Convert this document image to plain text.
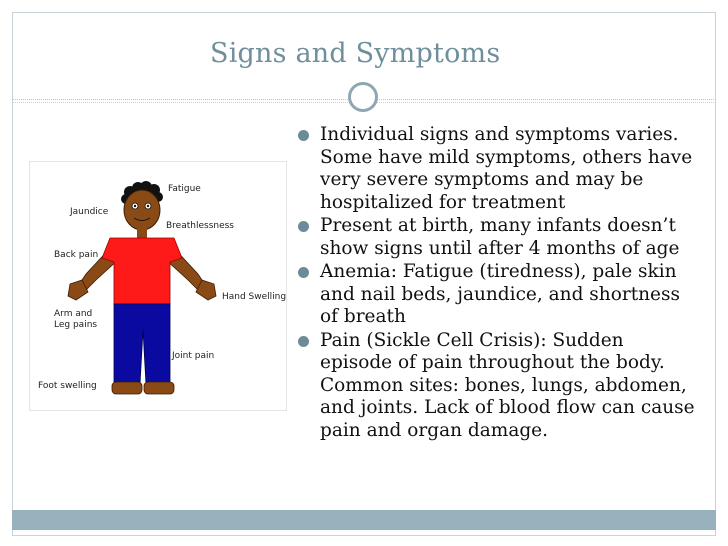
Signs and Symptoms
Fatigue
Jaundice
Breathlessness
Back pain
Hand Swelling
Arm and
Leg pains
Joint pain
Foot swelling
Individual signs and symptoms varies. Some have mild symptoms, others have very severe symptoms and may be hospitalized for treatment
Present at birth, many infants doesn’t show signs until after 4 months of age
Anemia: Fatigue (tiredness), pale skin and nail beds, jaundice, and shortness of breath
Pain (Sickle Cell Crisis): Sudden episode of pain throughout the body. Common sites: bones, lungs, abdomen, and joints. Lack of blood flow can cause pain and organ damage.
